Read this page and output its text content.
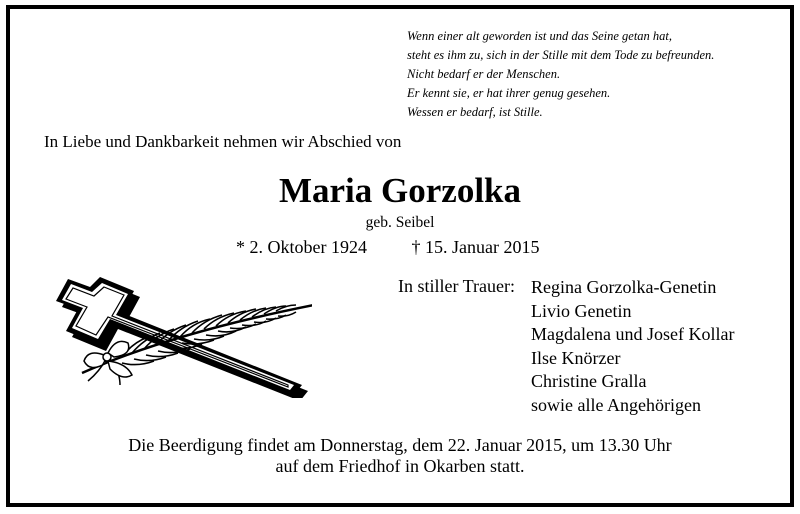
Wenn einer alt geworden ist und das Seine getan hat,
steht es ihm zu, sich in der Stille mit dem Tode zu befreunden.
Nicht bedarf er der Menschen.
Er kennt sie, er hat ihrer genug gesehen.
Wessen er bedarf, ist Stille.
In Liebe und Dankbarkeit nehmen wir Abschied von
Maria Gorzolka
geb. Seibel
* 2. Oktober 1924 † 15. Januar 2015
In stiller Trauer: Regina Gorzolka-Genetin
Livio Genetin
Magdalena und Josef Kollar
Ilse Knörzer
Christine Gralla
sowie alle Angehörigen
Die Beerdigung findet am Donnerstag, dem 22. Januar 2015, um 13.30 Uhr
auf dem Friedhof in Okarben statt.
